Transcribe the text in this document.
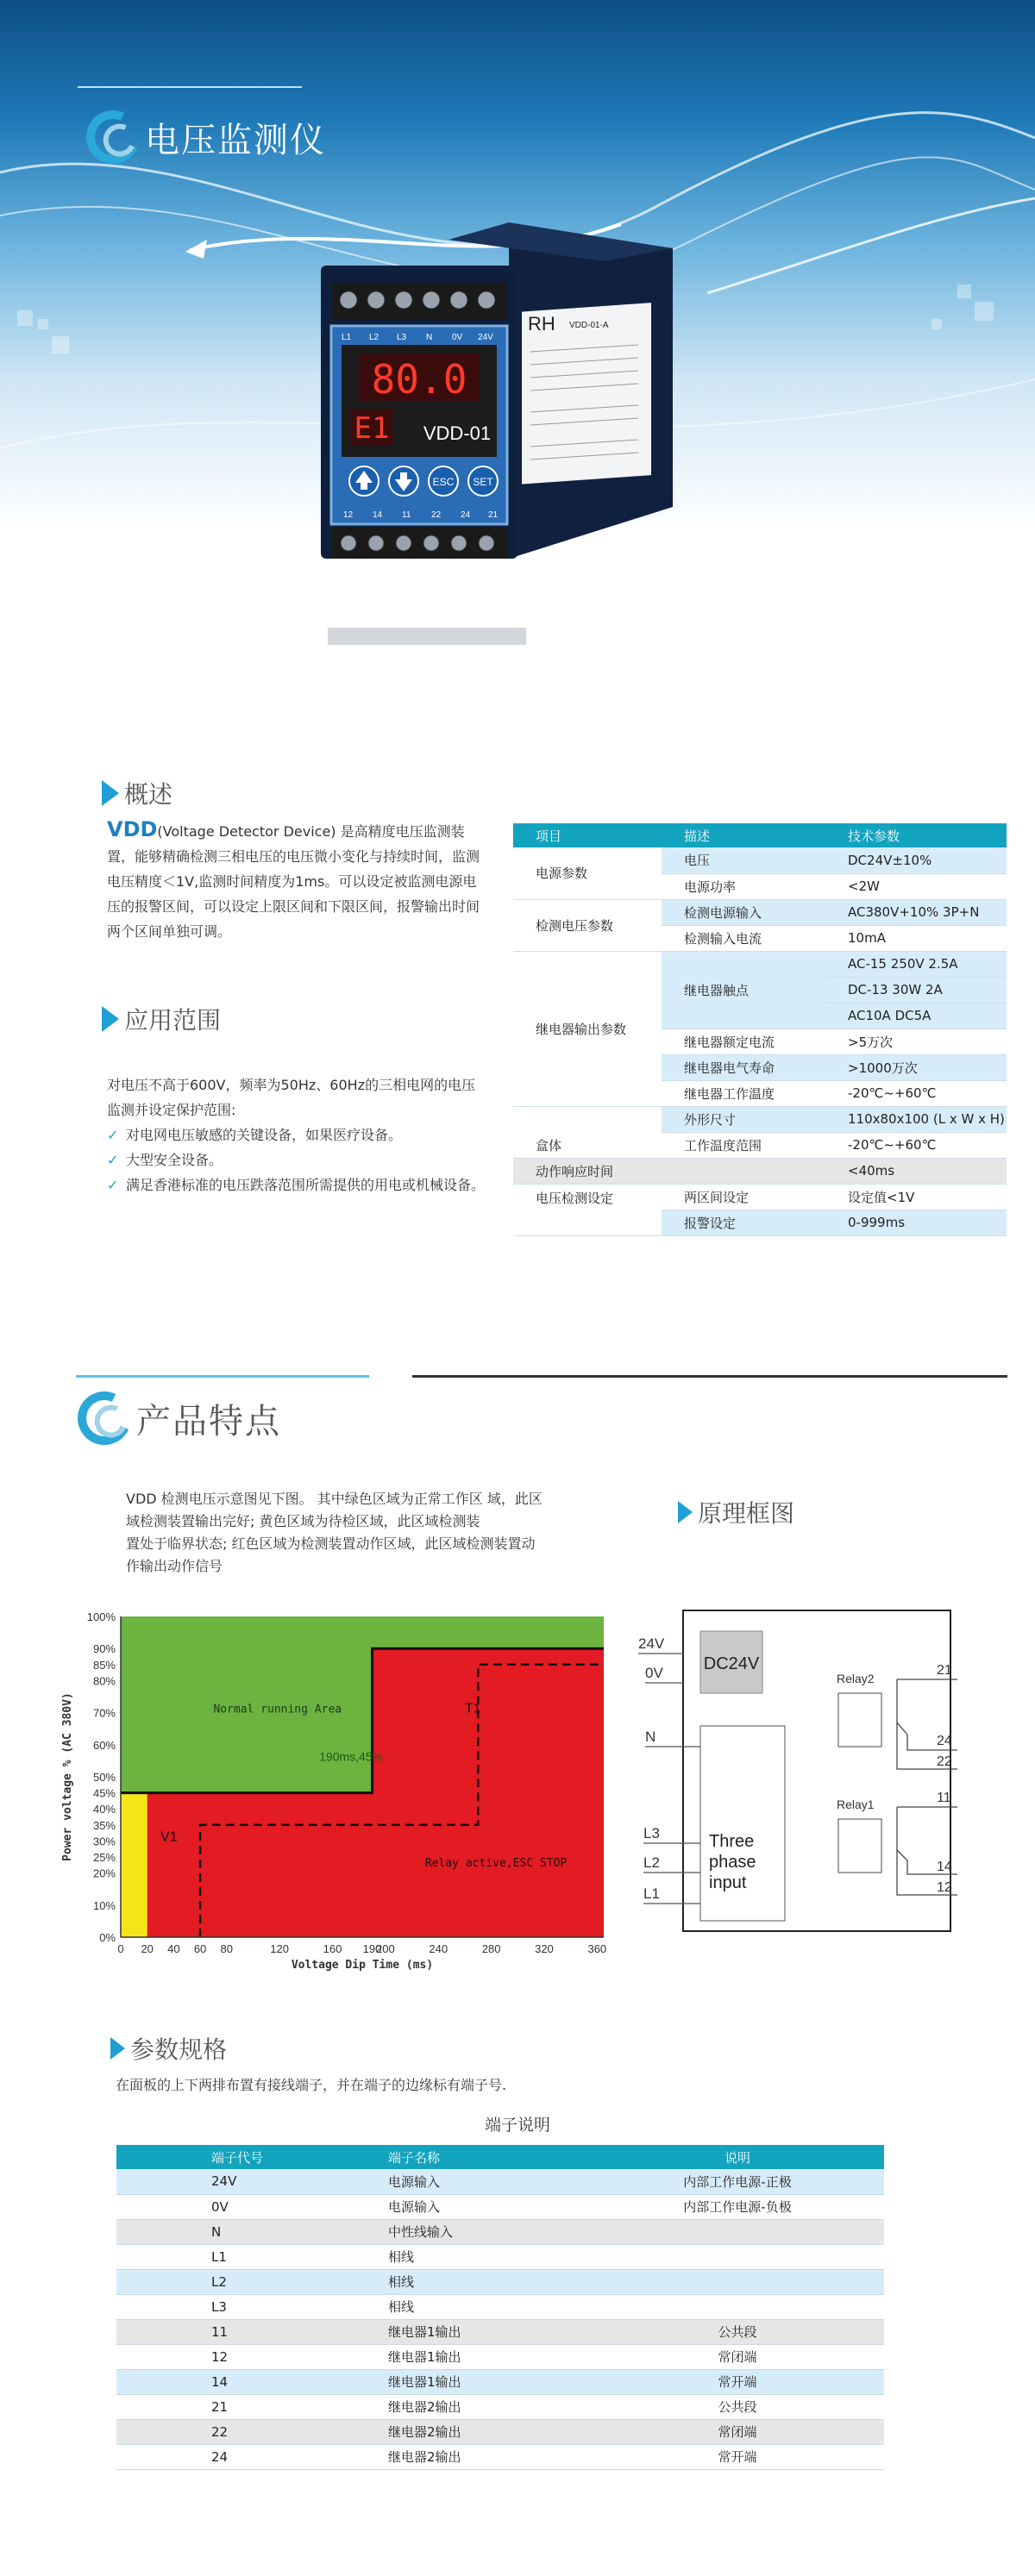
电压监测仪
RH VDD-01-A
L1 L2 L3 N 0V 24V
80.0
E1 VDD-01
ESC SET
12 14 11 22 24 21
概述
VDD(Voltage Detector Device) 是高精度电压监测装置，能够精确检测三相电压的电压微小变化与持续时间，监测电压精度＜1V,监测时间精度为1ms。可以设定被监测电源电压的报警区间，可以设定上限区间和下限区间，报警输出时间两个区间单独可调。
应用范围
对电压不高于600V，频率为50Hz、60Hz的三相电网的电压监测并设定保护范围:
✓ 对电网电压敏感的关键设备，如果医疗设备。
✓ 大型安全设备。
✓ 满足香港标准的电压跌落范围所需提供的用电或机械设备。
项目	描述	技术参数
电源参数	电压	DC24V±10%
	电源功率	<2W
检测电压参数	检测电源输入	AC380V+10% 3P+N
	检测输入电流	10mA
继电器输出参数	继电器触点	AC-15 250V 2.5A
		DC-13 30W 2A
		AC10A DC5A
	继电器额定电流	>5万次
	继电器电气寿命	>1000万次
	继电器工作温度	-20℃~+60℃
盒体	外形尺寸	110x80x100 (L x W x H)
	工作温度范围	-20℃~+60℃
动作响应时间		<40ms
电压检测设定	两区间设定	设定值<1V
	报警设定	0-999ms
产品特点
VDD 检测电压示意图见下图。 其中绿色区域为正常工作区 域，此区
域检测装置输出完好; 黄色区域为待检区域，此区域检测装
置处于临界状态; 红色区域为检测装置动作区域，此区域检测装置动
作输出动作信号
原理框图
0%
10%
20%
25%
30%
35%
40%
45%
50%
60%
70%
80%
85%
90%
100%
0 20 40 60 80	120	160 190
200	240	280	320	360
Voltage Dip Time (ms)
Power voltage % (AC 380V)	T1
V1
190ms,45%
Normal running Area
Relay active,ESC STOP
24V
0V
N
L3
L2
L1
DC24V
Three
phase
input
Relay2
Relay1
21
24
22
11
14
12
参数规格
在面板的上下两排布置有接线端子，并在端子的边缘标有端子号.
端子说明
端子代号	端子名称	说明
24V	电源输入	内部工作电源-正极
0V	电源输入	内部工作电源-负极
N	中性线输入	
L1	相线	
L2	相线	
L3	相线	
11	继电器1输出	公共段
12	继电器1输出	常闭端
14	继电器1输出	常开端
21	继电器2输出	公共段
22	继电器2输出	常闭端
24	继电器2输出	常开端
